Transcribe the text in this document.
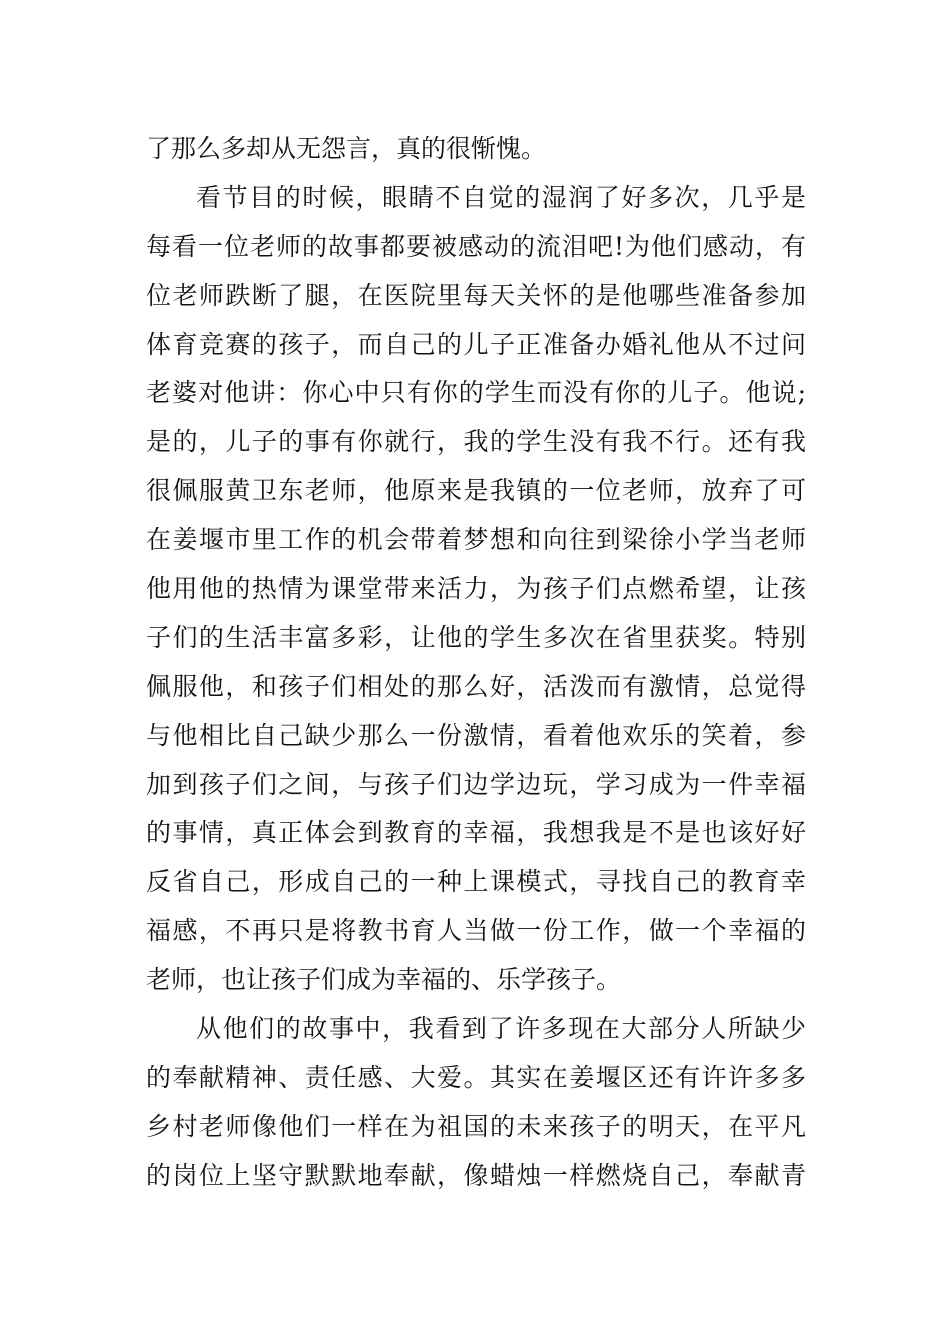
了那么多却从无怨言，真的很惭愧。
看节目的时候，眼睛不自觉的湿润了好多次，几乎是
每看一位老师的故事都要被感动的流泪吧!为他们感动，有
位老师跌断了腿，在医院里每天关怀的是他哪些准备参加
体育竞赛的孩子，而自己的儿子正准备办婚礼他从不过问
老婆对他讲：你心中只有你的学生而没有你的儿子。他说;
是的，儿子的事有你就行，我的学生没有我不行。还有我
很佩服黄卫东老师，他原来是我镇的一位老师，放弃了可
在姜堰市里工作的机会带着梦想和向往到梁徐小学当老师
他用他的热情为课堂带来活力，为孩子们点燃希望，让孩
子们的生活丰富多彩，让他的学生多次在省里获奖。特别
佩服他，和孩子们相处的那么好，活泼而有激情，总觉得
与他相比自己缺少那么一份激情，看着他欢乐的笑着，参
加到孩子们之间，与孩子们边学边玩，学习成为一件幸福
的事情，真正体会到教育的幸福，我想我是不是也该好好
反省自己，形成自己的一种上课模式，寻找自己的教育幸
福感，不再只是将教书育人当做一份工作，做一个幸福的
老师，也让孩子们成为幸福的、乐学孩子。
从他们的故事中，我看到了许多现在大部分人所缺少
的奉献精神、责任感、大爱。其实在姜堰区还有许许多多
乡村老师像他们一样在为祖国的未来孩子的明天，在平凡
的岗位上坚守默默地奉献，像蜡烛一样燃烧自己，奉献青
